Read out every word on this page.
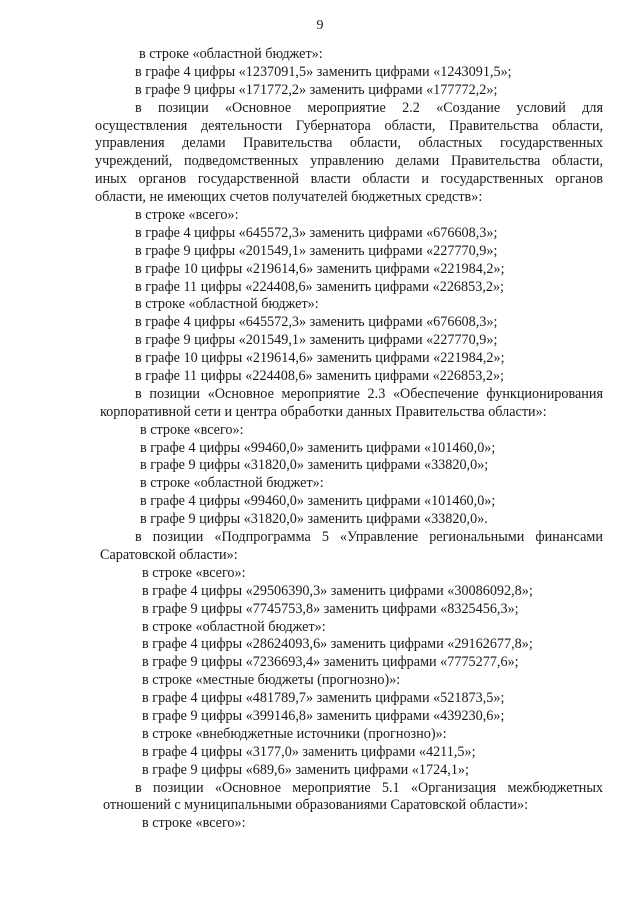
9
в строке «областной бюджет»:
в графе 4 цифры «1237091,5» заменить цифрами «1243091,5»;
в графе 9 цифры «171772,2» заменить цифрами «177772,2»;
в позиции «Основное мероприятие 2.2 «Создание условий для
осуществления деятельности Губернатора области, Правительства области,
управления делами Правительства области, областных государственных
учреждений, подведомственных управлению делами Правительства области,
иных органов государственной власти области и государственных органов
области, не имеющих счетов получателей бюджетных средств»:
в строке «всего»:
в графе 4 цифры «645572,3» заменить цифрами «676608,3»;
в графе 9 цифры «201549,1» заменить цифрами «227770,9»;
в графе 10 цифры «219614,6» заменить цифрами «221984,2»;
в графе 11 цифры «224408,6» заменить цифрами «226853,2»;
в строке «областной бюджет»:
в графе 4 цифры «645572,3» заменить цифрами «676608,3»;
в графе 9 цифры «201549,1» заменить цифрами «227770,9»;
в графе 10 цифры «219614,6» заменить цифрами «221984,2»;
в графе 11 цифры «224408,6» заменить цифрами «226853,2»;
в позиции «Основное мероприятие 2.3 «Обеспечение функционирования
корпоративной сети и центра обработки данных Правительства области»:
в строке «всего»:
в графе 4 цифры «99460,0» заменить цифрами «101460,0»;
в графе 9 цифры «31820,0» заменить цифрами «33820,0»;
в строке «областной бюджет»:
в графе 4 цифры «99460,0» заменить цифрами «101460,0»;
в графе 9 цифры «31820,0» заменить цифрами «33820,0».
в позиции «Подпрограмма 5 «Управление региональными финансами
Саратовской области»:
в строке «всего»:
в графе 4 цифры «29506390,3» заменить цифрами «30086092,8»;
в графе 9 цифры «7745753,8» заменить цифрами «8325456,3»;
в строке «областной бюджет»:
в графе 4 цифры «28624093,6» заменить цифрами «29162677,8»;
в графе 9 цифры «7236693,4» заменить цифрами «7775277,6»;
в строке «местные бюджеты (прогнозно)»:
в графе 4 цифры «481789,7» заменить цифрами «521873,5»;
в графе 9 цифры «399146,8» заменить цифрами «439230,6»;
в строке «внебюджетные источники (прогнозно)»:
в графе 4 цифры «3177,0» заменить цифрами «4211,5»;
в графе 9 цифры «689,6» заменить цифрами «1724,1»;
в позиции «Основное мероприятие 5.1 «Организация межбюджетных
отношений с муниципальными образованиями Саратовской области»:
в строке «всего»:
